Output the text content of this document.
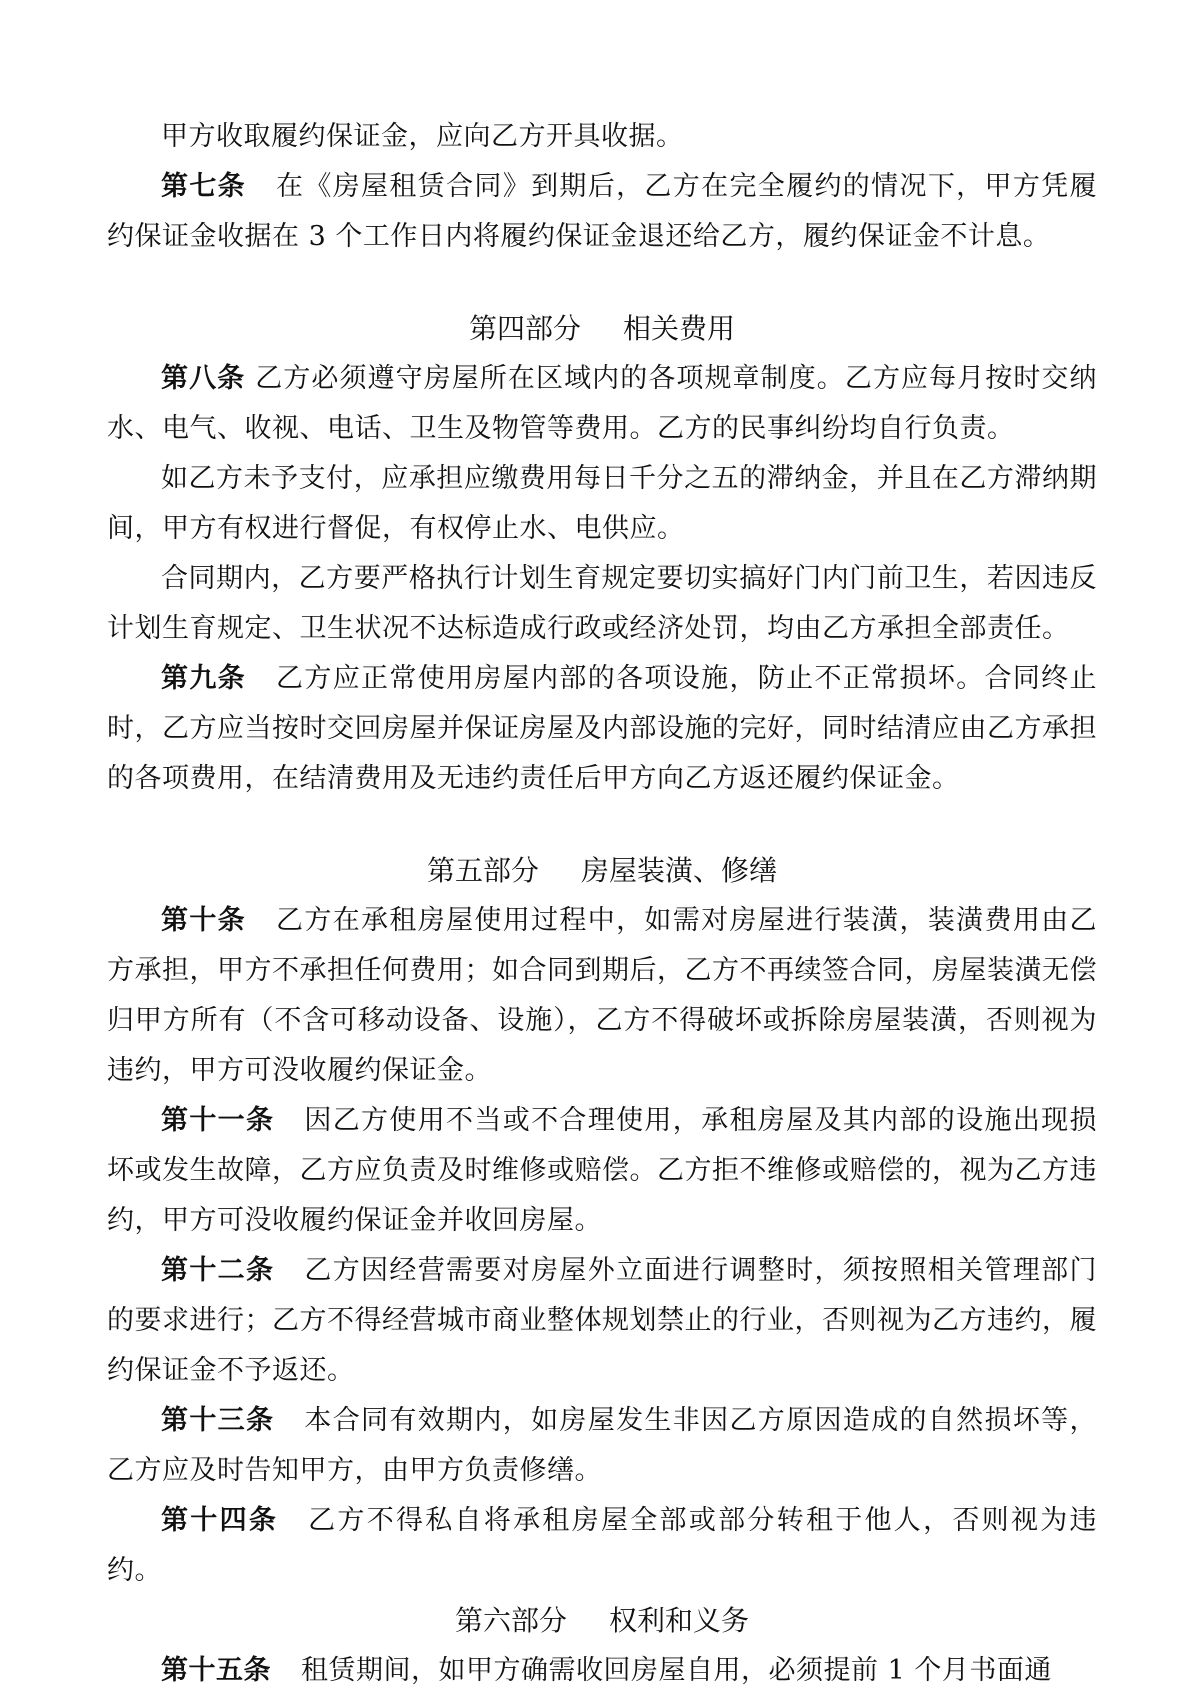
甲方收取履约保证金，应向乙方开具收据。

第七条 在《房屋租赁合同》到期后，乙方在完全履约的情况下，甲方凭履约保证金收据在 3 个工作日内将履约保证金退还给乙方，履约保证金不计息。

第四部分 相关费用

第八条 乙方必须遵守房屋所在区域内的各项规章制度。乙方应每月按时交纳水、电气、收视、电话、卫生及物管等费用。乙方的民事纠纷均自行负责。

如乙方未予支付，应承担应缴费用每日千分之五的滞纳金，并且在乙方滞纳期间，甲方有权进行督促，有权停止水、电供应。

合同期内，乙方要严格执行计划生育规定要切实搞好门内门前卫生，若因违反计划生育规定、卫生状况不达标造成行政或经济处罚，均由乙方承担全部责任。

第九条 乙方应正常使用房屋内部的各项设施，防止不正常损坏。合同终止时，乙方应当按时交回房屋并保证房屋及内部设施的完好，同时结清应由乙方承担的各项费用，在结清费用及无违约责任后甲方向乙方返还履约保证金。

第五部分 房屋装潢、修缮

第十条 乙方在承租房屋使用过程中，如需对房屋进行装潢，装潢费用由乙方承担，甲方不承担任何费用；如合同到期后，乙方不再续签合同，房屋装潢无偿归甲方所有（不含可移动设备、设施），乙方不得破坏或拆除房屋装潢，否则视为违约，甲方可没收履约保证金。

第十一条 因乙方使用不当或不合理使用，承租房屋及其内部的设施出现损坏或发生故障，乙方应负责及时维修或赔偿。乙方拒不维修或赔偿的，视为乙方违约，甲方可没收履约保证金并收回房屋。

第十二条 乙方因经营需要对房屋外立面进行调整时，须按照相关管理部门的要求进行；乙方不得经营城市商业整体规划禁止的行业，否则视为乙方违约，履约保证金不予返还。

第十三条 本合同有效期内，如房屋发生非因乙方原因造成的自然损坏等，乙方应及时告知甲方，由甲方负责修缮。

第十四条 乙方不得私自将承租房屋全部或部分转租于他人，否则视为违约。

第六部分 权利和义务

第十五条 租赁期间，如甲方确需收回房屋自用，必须提前 1 个月书面通
